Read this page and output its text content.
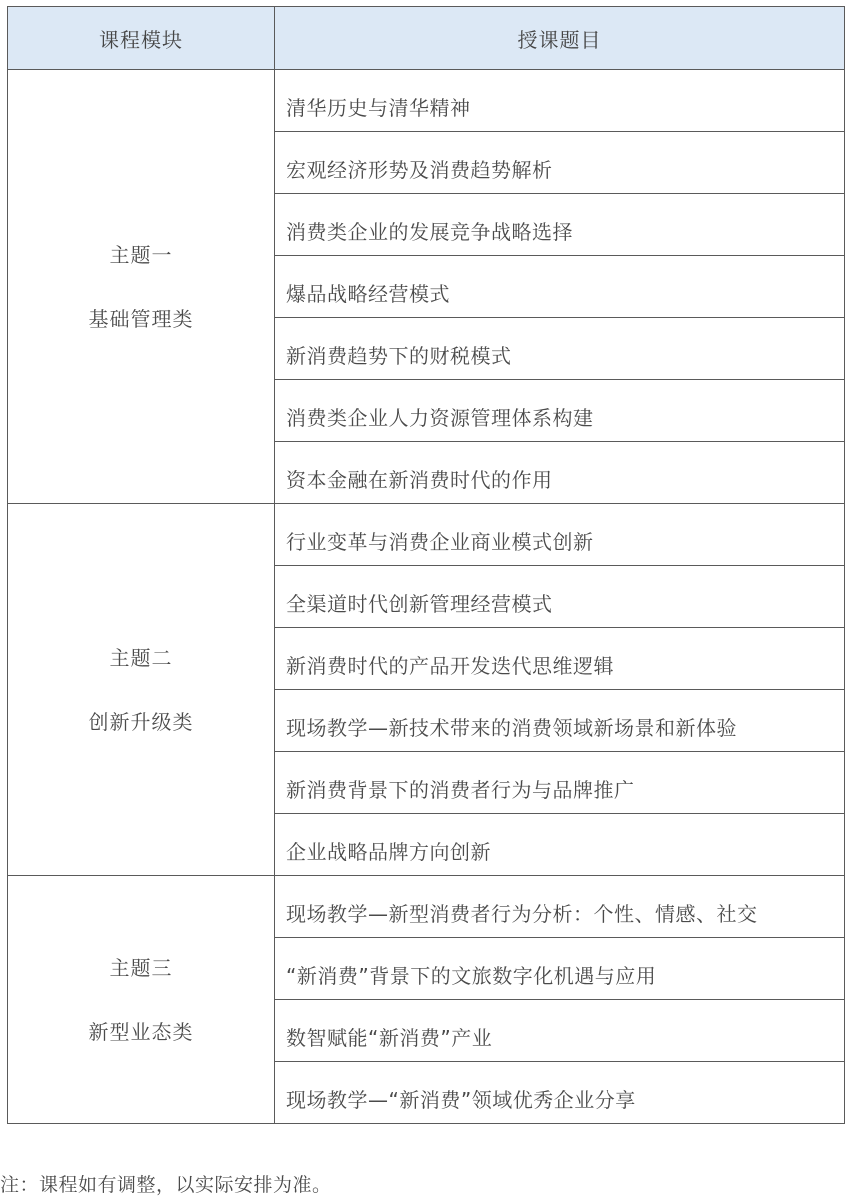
课程模块	授课题目

主题一
基础管理类	清华历史与清华精神
	宏观经济形势及消费趋势解析
	消费类企业的发展竞争战略选择
	爆品战略经营模式
	新消费趋势下的财税模式
	消费类企业人力资源管理体系构建
	资本金融在新消费时代的作用

主题二
创新升级类	行业变革与消费企业商业模式创新
	全渠道时代创新管理经营模式
	新消费时代的产品开发迭代思维逻辑
	现场教学—新技术带来的消费领域新场景和新体验
	新消费背景下的消费者行为与品牌推广
	企业战略品牌方向创新

主题三
新型业态类	现场教学—新型消费者行为分析：个性、情感、社交
	“新消费”背景下的文旅数字化机遇与应用
	数智赋能“新消费”产业
	现场教学—“新消费”领域优秀企业分享
注：课程如有调整，以实际安排为准。
